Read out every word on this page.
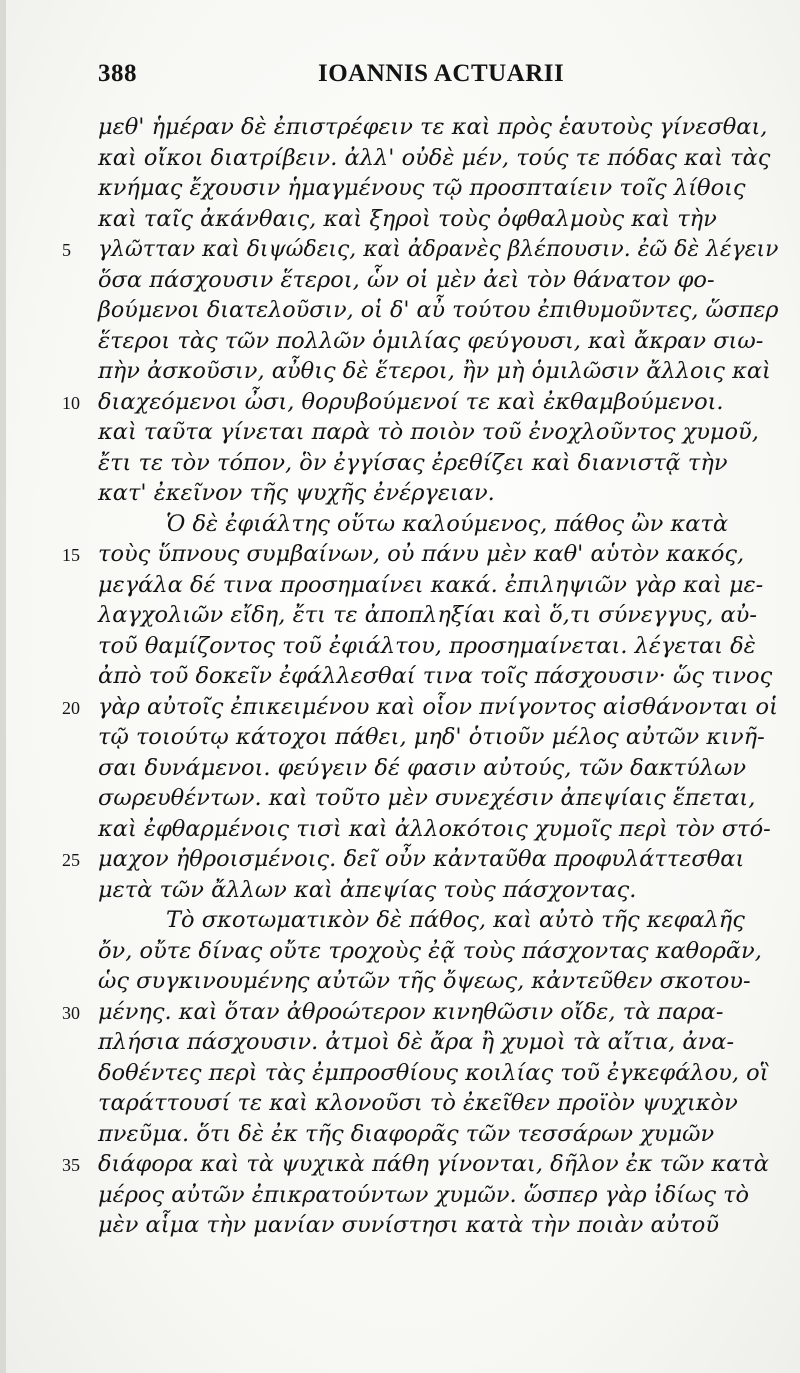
388	IOANNIS ACTUARII
μεθ' ἡμέραν δὲ ἐπιστρέφειν τε καὶ πρὸς ἑαυτοὺς γίνεσθαι,
καὶ οἴκοι διατρίβειν. ἀλλ' οὐδὲ μέν, τούς τε πόδας καὶ τὰς
κνήμας ἔχουσιν ἡμαγμένους τῷ προσπταίειν τοῖς λίθοις
καὶ ταῖς ἀκάνθαις, καὶ ξηροὶ τοὺς ὀφθαλμοὺς καὶ τὴν
5	γλῶτταν καὶ διψώδεις, καὶ ἀδρανὲς βλέπουσιν. ἐῶ δὲ λέγειν
ὅσα πάσχουσιν ἕτεροι, ὧν οἱ μὲν ἀεὶ τὸν θάνατον φο-
βούμενοι διατελοῦσιν, οἱ δ' αὖ τούτου ἐπιθυμοῦντες, ὥσπερ
ἕτεροι τὰς τῶν πολλῶν ὁμιλίας φεύγουσι, καὶ ἄκραν σιω-
πὴν ἀσκοῦσιν, αὖθις δὲ ἕτεροι, ἢν μὴ ὁμιλῶσιν ἄλλοις καὶ
10 διαχεόμενοι ὦσι, θορυβούμενοί τε καὶ ἐκθαμβούμενοι.
καὶ ταῦτα γίνεται παρὰ τὸ ποιὸν τοῦ ἐνοχλοῦντος χυμοῦ,
ἔτι τε τὸν τόπον, ὃν ἐγγίσας ἐρεθίζει καὶ διανιστᾷ τὴν
κατ' ἐκεῖνον τῆς ψυχῆς ἐνέργειαν.
Ὁ δὲ ἐφιάλτης οὕτω καλούμενος, πάθος ὢν κατὰ
15 τοὺς ὕπνους συμβαίνων, οὐ πάνυ μὲν καθ' αὑτὸν κακός,
μεγάλα δέ τινα προσημαίνει κακά. ἐπιληψιῶν γὰρ καὶ με-
λαγχολιῶν εἴδη, ἔτι τε ἀποπληξίαι καὶ ὅ,τι σύνεγγυς, αὐ-
τοῦ θαμίζοντος τοῦ ἐφιάλτου, προσημαίνεται. λέγεται δὲ
ἀπὸ τοῦ δοκεῖν ἐφάλλεσθαί τινα τοῖς πάσχουσιν· ὥς τινος
20 γὰρ αὐτοῖς ἐπικειμένου καὶ οἷον πνίγοντος αἰσθάνονται οἱ
τῷ τοιούτῳ κάτοχοι πάθει, μηδ' ὁτιοῦν μέλος αὐτῶν κινῆ-
σαι δυνάμενοι. φεύγειν δέ φασιν αὐτούς, τῶν δακτύλων
σωρευθέντων. καὶ τοῦτο μὲν συνεχέσιν ἀπεψίαις ἕπεται,
καὶ ἐφθαρμένοις τισὶ καὶ ἀλλοκότοις χυμοῖς περὶ τὸν στό-
25 μαχον ἠθροισμένοις. δεῖ οὖν κἀνταῦθα προφυλάττεσθαι
μετὰ τῶν ἄλλων καὶ ἀπεψίας τοὺς πάσχοντας.
Τὸ σκοτωματικὸν δὲ πάθος, καὶ αὐτὸ τῆς κεφαλῆς
ὄν, οὔτε δίνας οὔτε τροχοὺς ἐᾷ τοὺς πάσχοντας καθορᾶν,
ὡς συγκινουμένης αὐτῶν τῆς ὄψεως, κἀντεῦθεν σκοτου-
30 μένης. καὶ ὅταν ἀθροώτερον κινηθῶσιν οἴδε, τὰ παρα-
πλήσια πάσχουσιν. ἀτμοὶ δὲ ἄρα ἢ χυμοὶ τὰ αἴτια, ἀνα-
δοθέντες περὶ τὰς ἐμπροσθίους κοιλίας τοῦ ἐγκεφάλου, οἳ
ταράττουσί τε καὶ κλονοῦσι τὸ ἐκεῖθεν προϊὸν ψυχικὸν
πνεῦμα. ὅτι δὲ ἐκ τῆς διαφορᾶς τῶν τεσσάρων χυμῶν
35 διάφορα καὶ τὰ ψυχικὰ πάθη γίνονται, δῆλον ἐκ τῶν κατὰ
μέρος αὐτῶν ἐπικρατούντων χυμῶν. ὥσπερ γὰρ ἰδίως τὸ
μὲν αἷμα τὴν μανίαν συνίστησι κατὰ τὴν ποιὰν αὐτοῦ
